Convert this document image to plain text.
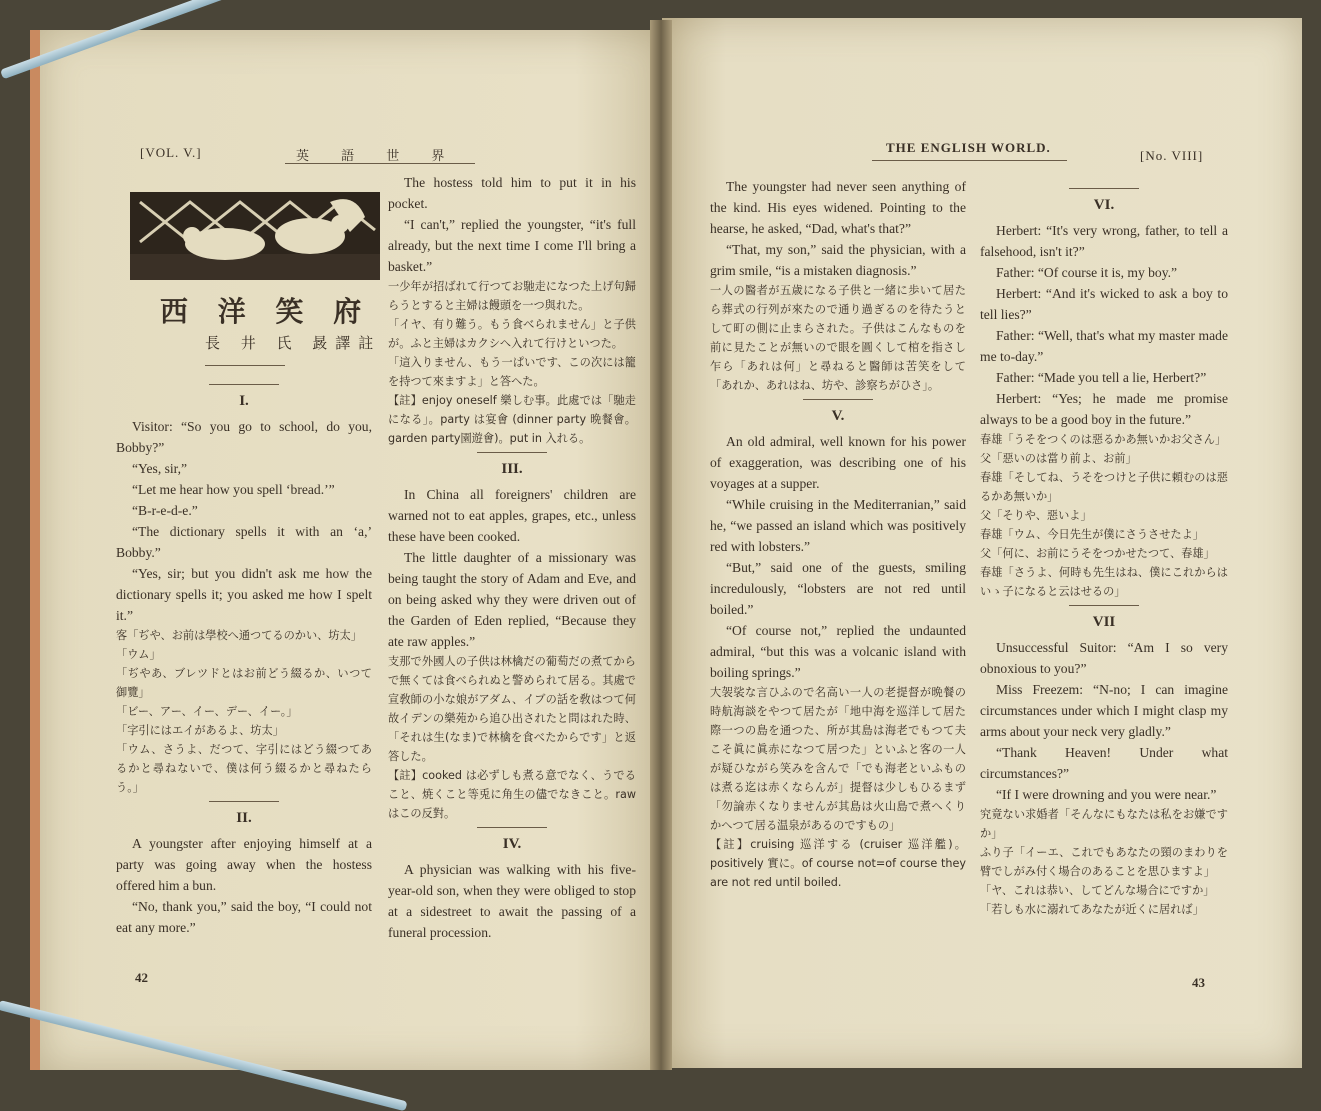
[VOL. V.]	英 語 世 界
西 洋 笑 府
長 井 氏 晸譯註
I.

Visitor: “So you go to school, do you, Bobby?”

“Yes, sir,”

“Let me hear how you spell ‘bread.’”

“B-r-e-d-e.”

“The dictionary spells it with an ‘a,’ Bobby.”

“Yes, sir; but you didn't ask me how the dictionary spells it; you asked me how I spelt it.”

客「ぢや、お前は學校へ通つてるのかい、坊太」

「ウム」

「ぢやあ、ブレツドとはお前どう綴るか、いつて御覽」

「ビー、アー、イー、デー、イー。」

「字引にはエイがあるよ、坊太」

「ウム、さうよ、だつて、字引にはどう綴つてあるかと尋ねないで、僕は何う綴るかと尋ねたらう。」

II.

A youngster after enjoying himself at a party was going away when the hostess offered him a bun.

“No, thank you,” said the boy, “I could not eat any more.”

The hostess told him to put it in his pocket.

“I can't,” replied the youngster, “it's full already, but the next time I come I'll bring a basket.”

一少年が招ばれて行つてお馳走になつた上げ句歸らうとすると主婦は饅頭を一つ與れた。

「イヤ、有り難う。もう食べられません」と子供が。ふと主婦はカクシへ入れて行けといつた。

「這入りません、もう一ぱいです、この次には籠を持つて來ますよ」と答へた。

【註】enjoy oneself 樂しむ事。此處では「馳走になる」。party は宴會 (dinner party 晩餐會。garden party園遊會)。put in 入れる。

III.

In China all foreigners' children are warned not to eat apples, grapes, etc., unless these have been cooked.

The little daughter of a missionary was being taught the story of Adam and Eve, and on being asked why they were driven out of the Garden of Eden replied, “Because they ate raw apples.”

支那で外國人の子供は林檎だの葡萄だの煮てからで無くては食べられぬと警められて居る。其處で宣敎師の小な娘がアダム、イブの話を敎はつて何故イデンの樂苑から追ひ出されたと問はれた時、「それは生(なま)で林檎を食べたからです」と返答した。

【註】cooked は必ずしも煮る意でなく、うでること、焼くこと等兎に角生の儘でなきこと。raw はこの反對。

IV.

A physician was walking with his five-year-old son, when they were obliged to stop at a sidestreet to await the passing of a funeral procession.

42
THE ENGLISH WORLD.
[No. VIII]

The youngster had never seen anything of the kind. His eyes widened. Pointing to the hearse, he asked, “Dad, what's that?”

“That, my son,” said the physician, with a grim smile, “is a mistaken diagnosis.”

一人の醫者が五歳になる子供と一緒に歩いて居たら葬式の行列が來たので通り過ぎるのを待たうとして町の側に止まらされた。子供はこんなものを前に見たことが無いので眼を圓くして棺を指さし乍ら「あれは何」と尋ねると醫師は苦笑をして「あれか、あれはね、坊や、診察ちがひさ」。

V.

An old admiral, well known for his power of exaggeration, was describing one of his voyages at a supper.

“While cruising in the Mediterranian,” said he, “we passed an island which was positively red with lobsters.”

“But,” said one of the guests, smiling incredulously, “lobsters are not red until boiled.”

“Of course not,” replied the undaunted admiral, “but this was a volcanic island with boiling springs.”

大袈裟な言ひふので名高い一人の老提督が晩餐の時航海談をやつて居たが「地中海を巡洋して居た際一つの島を通つた、所が其島は海老でもつて夫こそ眞に眞赤になつて居つた」といふと客の一人が疑ひながら笑みを含んで「でも海老といふものは煮る迄は赤くならんが」提督は少しもひるまず「勿論赤くなりませんが其島は火山島で煮へくりかへつて居る温泉があるのですもの」

【註】cruising 巡洋する (cruiser 巡洋艦)。positively 實に。of course not=of course they are not red until boiled.

VI.

Herbert: “It's very wrong, father, to tell a falsehood, isn't it?”

Father: “Of course it is, my boy.”

Herbert: “And it's wicked to ask a boy to tell lies?”

Father: “Well, that's what my master made me to-day.”

Father: “Made you tell a lie, Herbert?”

Herbert: “Yes; he made me promise always to be a good boy in the future.”

春雄「うそをつくのは惡るかあ無いかお父さん」

父「惡いのは當り前よ、お前」

春雄「そしてね、うそをつけと子供に頼むのは惡るかあ無いか」

父「そりや、惡いよ」

春雄「ウム、今日先生が僕にさうさせたよ」

父「何に、お前にうそをつかせたつて、春雄」

春雄「さうよ、何時も先生はね、僕にこれからはいゝ子になると云はせるの」

VII

Unsuccessful Suitor: “Am I so very obnoxious to you?”

Miss Freezem: “N-no; I can imagine circumstances under which I might clasp my arms about your neck very gladly.”

“Thank Heaven! Under what circumstances?”

“If I were drowning and you were near.”

究竟ない求婚者「そんなにもなたは私をお嫌ですか」

ふり子「イーエ、これでもあなたの頸のまわりを臂でしがみ付く場合のあることを思ひますよ」

「ヤ、これは恭い、してどんな場合にですか」

「若しも水に溺れてあなたが近くに居れば」

43
